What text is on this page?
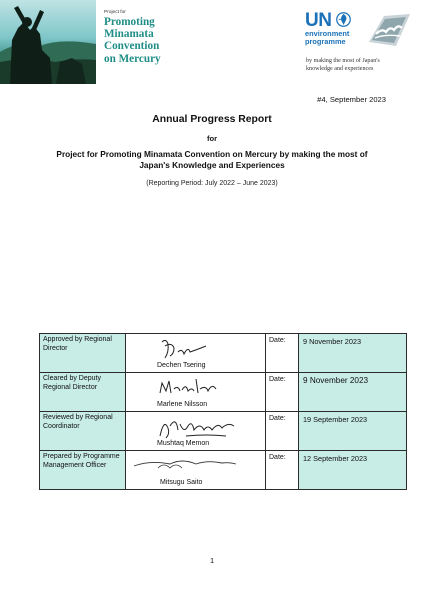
Project for
Promoting
Minamata
Convention
on Mercury
UN
environment
programme
by making the most of Japan's
knowledge and experiences
#4, September 2023
Annual Progress Report
for
Project for Promoting Minamata Convention on Mercury by making the most of
Japan's Knowledge and Experiences
(Reporting Period: July 2022 – June 2023)
Approved by Regional Director	Dechen Tsering	Date:	9 November 2023
Cleared by Deputy Regional Director	Marlene Nilsson	Date:	9 November 2023
Reviewed by Regional Coordinator	Mushtaq Memon	Date:	19 September 2023
Prepared by Programme Management Officer	Mitsugu Saito	Date:	12 September 2023
1
